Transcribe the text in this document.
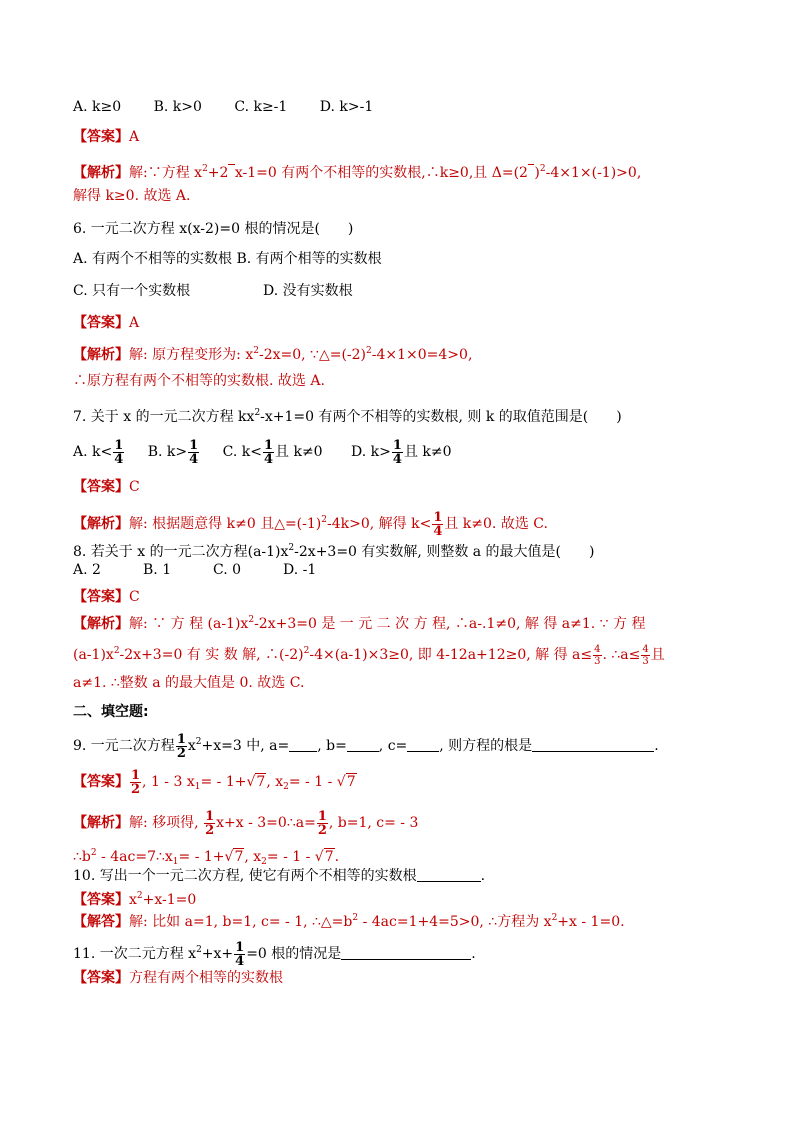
A. k≥0 B. k>0 C. k≥-1 D. k>-1
【答案】A
【解析】解:∵方程 $x^2+2$ x-1=0 有两个不相等的实数根,∴k≥0,且 Δ=(2 )$^2$-4×1×(-1)>0,
解得 k≥0. 故选 A.
6. 一元二次方程 x(x-2)=0 根的情况是(　　)
A. 有两个不相等的实数根 B. 有两个相等的实数根
C. 只有一个实数根	D. 没有实数根
【答案】A
【解析】解: 原方程变形为: $x^2-2x=0$, $\because\triangle=(-2)^2-4\times 1\times 0=4>0$,
∴原方程有两个不相等的实数根. 故选 A.
7. 关于 x 的一元二次方程 $kx^2-x+1=0$ 有两个不相等的实数根, 则 k 的取值范围是(　　)
A. $k< \frac{1}{4} B$. $k> \frac{1}{4} C$. $k< \frac{1}{4}$ 且 k≠0 D. $k> \frac{1}{4}$ 且 k≠0
【答案】C
【解析】解: 根据题意得 k≠0 且$\triangle=(-1)^2-4k>0$, 解得 $k< \frac{1}{4}$ 且 k≠0. 故选 C.
8. 若关于 x 的一元二次方程$(a-1)x^2-2x+3=0$ 有实数解, 则整数 a 的最大值是(　　)
A. 2	B. 1	C. 0	D. -1
【答案】C
【解析】解: ∵ 方 程 $(a-1)x^2-2x+3=0$ 是 一 元 二 次 方 程, ∴a-.1≠0, 解 得 a≠1. ∵ 方 程
$(a-1)x^2-2x+3=0$ 有 实 数 解, $\therefore(-2)^2-4\times(a-1)\times 3\ge 0$, 即 4-12a+12≥0, 解 得 $a\le \frac{4}{3}$ . ∴a≤ $\frac{4}{3}$ 且
a≠1. ∴整数 a 的最大值是 0. 故选 C.
二、填空题:
9. 一元二次方程 $\frac{1}{2} x^2+x=3$ 中, a= , b= , c= , 则方程的根是	.
【答案】 $\frac{1}{2}$ , 1 - 3 $x_1= - 1+√7$, $x_2= - 1 - √7$
【解析】解: 移项得, $\frac{1}{2} x+x$ - 3=0∴a= $\frac{1}{2}$ , b=1, c= - 3
$\therefore b^2$ - $4ac=7\therefore x_1= - 1+√7$, $x_2= - 1 - √7$.
10. 写出一个一元二次方程, 使它有两个不相等的实数根	.
【答案】$x^2+x-1=0$
【解答】解: 比如 a=1, b=1, c= - 1, $\therefore\triangle=b^2 - 4ac=1+4=5>0$, ∴方程为 $x^2+x - 1=0$.
11. 一次二元方程 $x^2+x+ \frac{1}{4} =0$ 根的情况是	.
【答案】方程有两个相等的实数根
